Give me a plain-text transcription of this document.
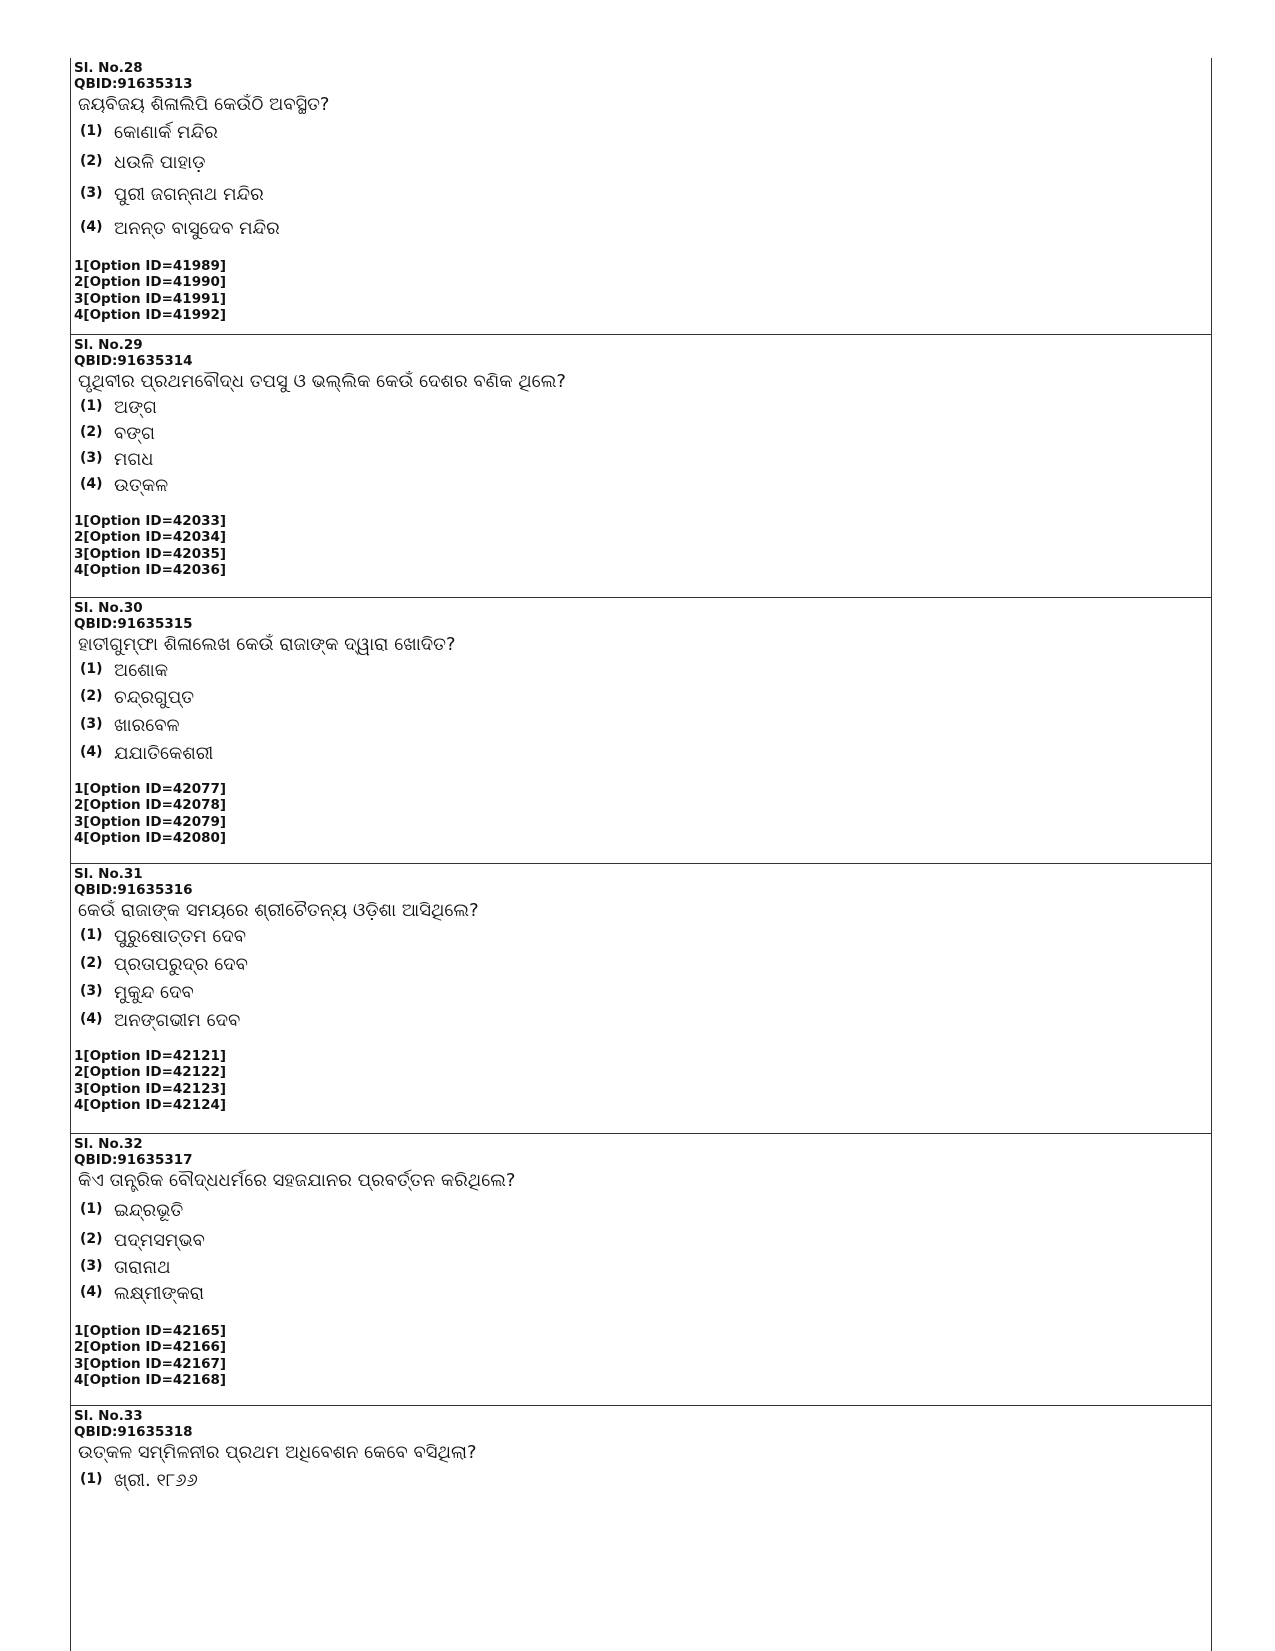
Sl. No.28
QBID:91635313
ଜୟବିଜୟ ଶିଳାଲିପି କେଉଁଠି ଅବସ୍ଥିତ?
(1) କୋଣାର୍କ ମନ୍ଦିର
(2) ଧଉଳି ପାହାଡ଼
(3) ପୁରୀ ଜଗନ୍ନାଥ ମନ୍ଦିର
(4) ଅନନ୍ତ ବାସୁଦେବ ମନ୍ଦିର
1[Option ID=41989]
2[Option ID=41990]
3[Option ID=41991]
4[Option ID=41992]
Sl. No.29
QBID:91635314
ପୃଥିବୀର ପ୍ରଥମବୌଦ୍ଧ ତପସୁ ଓ ଭଲ୍ଲିକ କେଉଁ ଦେଶର ବଣିକ ଥିଲେ?
(1) ଅଙ୍ଗ
(2) ବଙ୍ଗ
(3) ମଗଧ
(4) ଉତ୍କଳ
1[Option ID=42033]
2[Option ID=42034]
3[Option ID=42035]
4[Option ID=42036]
Sl. No.30
QBID:91635315
ହାତୀଗୁମ୍ଫା ଶିଳାଲେଖ କେଉଁ ରାଜାଙ୍କ ଦ୍ୱାରା ଖୋଦିତ?
(1) ଅଶୋକ
(2) ଚନ୍ଦ୍ରଗୁପ୍ତ
(3) ଖାରବେଳ
(4) ଯଯାତିକେଶରୀ
1[Option ID=42077]
2[Option ID=42078]
3[Option ID=42079]
4[Option ID=42080]
Sl. No.31
QBID:91635316
କେଉଁ ରାଜାଙ୍କ ସମୟରେ ଶ୍ରୀଚୈତନ୍ୟ ଓଡ଼ିଶା ଆସିଥିଲେ?
(1) ପୁରୁଷୋତ୍ତମ ଦେବ
(2) ପ୍ରତାପରୁଦ୍ର ଦେବ
(3) ମୁକୁନ୍ଦ ଦେବ
(4) ଅନଙ୍ଗଭୀମ ଦେବ
1[Option ID=42121]
2[Option ID=42122]
3[Option ID=42123]
4[Option ID=42124]
Sl. No.32
QBID:91635317
କିଏ ତାନ୍ତ୍ରିକ ବୌଦ୍ଧଧର୍ମରେ ସହଜଯାନର ପ୍ରବର୍ତ୍ତନ କରିଥିଲେ?
(1) ଇନ୍ଦ୍ରଭୂତି
(2) ପଦ୍ମସମ୍ଭବ
(3) ତାରାନାଥ
(4) ଲକ୍ଷ୍ମୀଙ୍କରା
1[Option ID=42165]
2[Option ID=42166]
3[Option ID=42167]
4[Option ID=42168]
Sl. No.33
QBID:91635318
ଉତ୍କଳ ସମ୍ମିଳନୀର ପ୍ରଥମ ଅଧିବେଶନ କେବେ ବସିଥିଲା?
(1) ଖ୍ରୀ. ୧୮୬୬
